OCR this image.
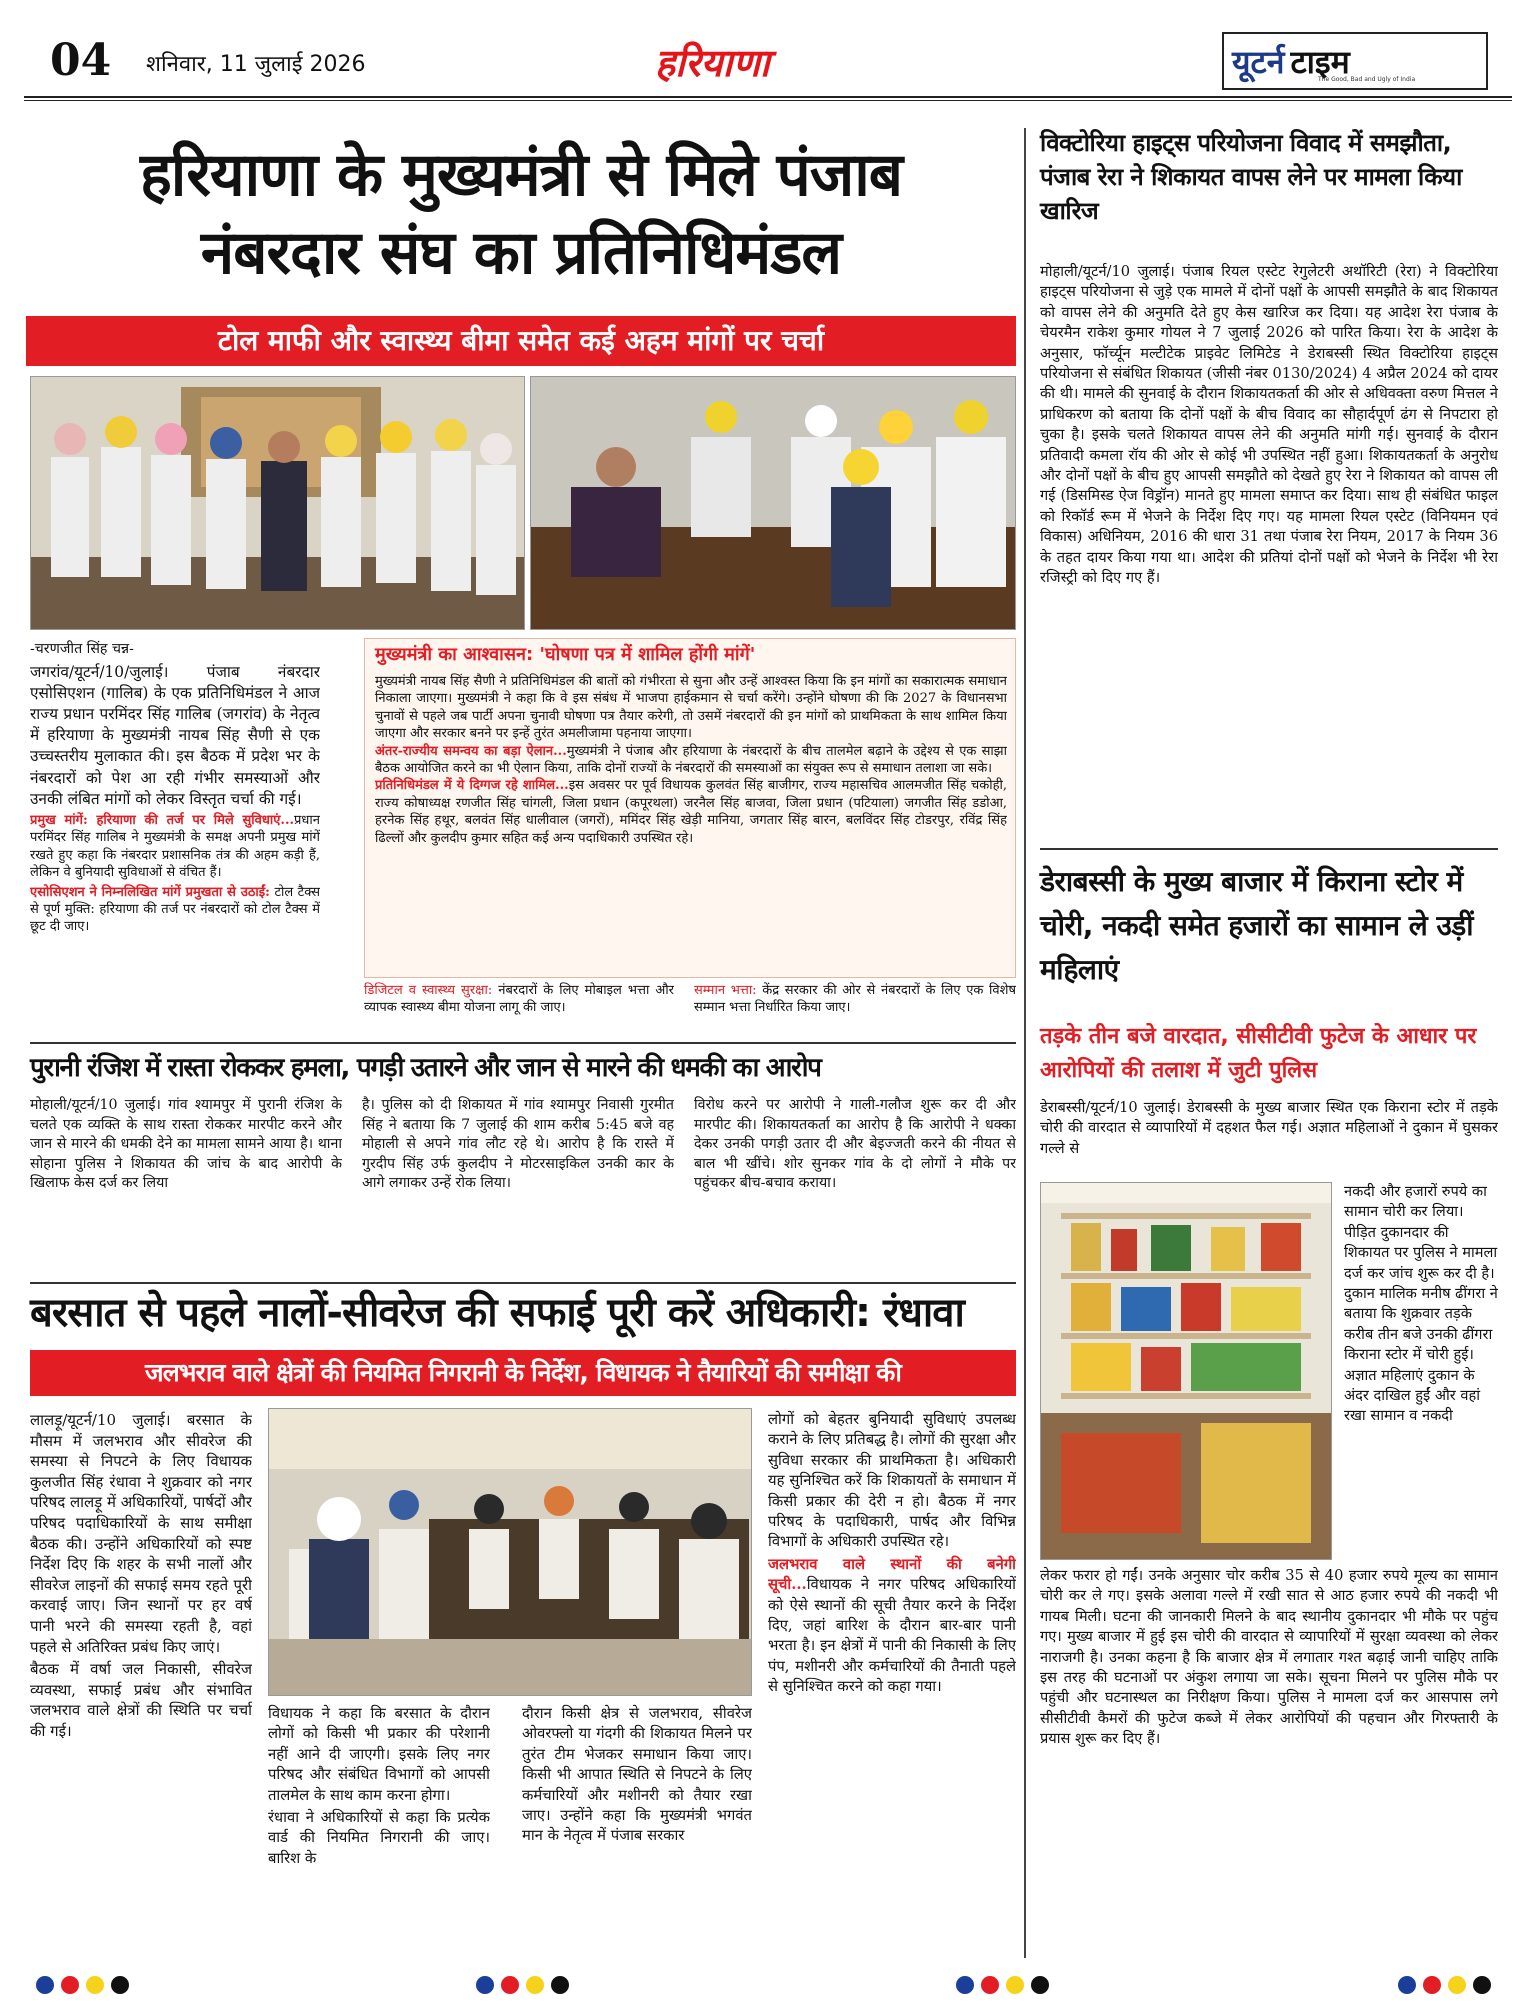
04 शनिवार, 11 जुलाई 2026	हरियाणा	यूटर्न टाइम
The Good, Bad and Ugly of India
हरियाणा के मुख्यमंत्री से मिले पंजाब
नंबरदार संघ का प्रतिनिधिमंडल
टोल माफी और स्वास्थ्य बीमा समेत कई अहम मांगों पर चर्चा

-चरणजीत सिंह चन्न-

जगरांव/यूटर्न/10/जुलाई। पंजाब नंबरदार एसोसिएशन (गालिब) के एक प्रतिनिधिमंडल ने आज राज्य प्रधान परमिंदर सिंह गालिब (जगरांव) के नेतृत्व में हरियाणा के मुख्यमंत्री नायब सिंह सैणी से एक उच्चस्तरीय मुलाकात की। इस बैठक में प्रदेश भर के नंबरदारों को पेश आ रही गंभीर समस्याओं और उनकी लंबित मांगों को लेकर विस्तृत चर्चा की गई।

प्रमुख मांगें: हरियाणा की तर्ज पर मिले सुविधाएं...प्रधान परमिंदर सिंह गालिब ने मुख्यमंत्री के समक्ष अपनी प्रमुख मांगें रखते हुए कहा कि नंबरदार प्रशासनिक तंत्र की अहम कड़ी हैं, लेकिन वे बुनियादी सुविधाओं से वंचित हैं।

एसोसिएशन ने निम्नलिखित मांगें प्रमुखता से उठाईं: टोल टैक्स से पूर्ण मुक्ति: हरियाणा की तर्ज पर नंबरदारों को टोल टैक्स में छूट दी जाए।

मुख्यमंत्री का आश्वासन: 'घोषणा पत्र में शामिल होंगी मांगें'

मुख्यमंत्री नायब सिंह सैणी ने प्रतिनिधिमंडल की बातों को गंभीरता से सुना और उन्हें आश्वस्त किया कि इन मांगों का सकारात्मक समाधान निकाला जाएगा। मुख्यमंत्री ने कहा कि वे इस संबंध में भाजपा हाईकमान से चर्चा करेंगे। उन्होंने घोषणा की कि 2027 के विधानसभा चुनावों से पहले जब पार्टी अपना चुनावी घोषणा पत्र तैयार करेगी, तो उसमें नंबरदारों की इन मांगों को प्राथमिकता के साथ शामिल किया जाएगा और सरकार बनने पर इन्हें तुरंत अमलीजामा पहनाया जाएगा।

अंतर-राज्यीय समन्वय का बड़ा ऐलान...मुख्यमंत्री ने पंजाब और हरियाणा के नंबरदारों के बीच तालमेल बढ़ाने के उद्देश्य से एक साझा बैठक आयोजित करने का भी ऐलान किया, ताकि दोनों राज्यों के नंबरदारों की समस्याओं का संयुक्त रूप से समाधान तलाशा जा सके।

प्रतिनिधिमंडल में ये दिग्गज रहे शामिल...इस अवसर पर पूर्व विधायक कुलवंत सिंह बाजीगर, राज्य महासचिव आलमजीत सिंह चकोही, राज्य कोषाध्यक्ष रणजीत सिंह चांगली, जिला प्रधान (कपूरथला) जरनैल सिंह बाजवा, जिला प्रधान (पटियाला) जगजीत सिंह डडोआ, हरनेक सिंह हथूर, बलवंत सिंह धालीवाल (जगरों), ममिंदर सिंह खेड़ी मानिया, जगतार सिंह बारन, बलविंदर सिंह टोडरपुर, रविंद्र सिंह ढिल्लों और कुलदीप कुमार सहित कई अन्य पदाधिकारी उपस्थित रहे।

डिजिटल व स्वास्थ्य सुरक्षा: नंबरदारों के लिए मोबाइल भत्ता और व्यापक स्वास्थ्य बीमा योजना लागू की जाए।
सम्मान भत्ता: केंद्र सरकार की ओर से नंबरदारों के लिए एक विशेष सम्मान भत्ता निर्धारित किया जाए।
पुरानी रंजिश में रास्ता रोककर हमला, पगड़ी उतारने और जान से मारने की धमकी का आरोप
मोहाली/यूटर्न/10 जुलाई। गांव श्यामपुर में पुरानी रंजिश के चलते एक व्यक्ति के साथ रास्ता रोककर मारपीट करने और जान से मारने की धमकी देने का मामला सामने आया है। थाना सोहाना पुलिस ने शिकायत की जांच के बाद आरोपी के खिलाफ केस दर्ज कर लिया
है। पुलिस को दी शिकायत में गांव श्यामपुर निवासी गुरमीत सिंह ने बताया कि 7 जुलाई की शाम करीब 5:45 बजे वह मोहाली से अपने गांव लौट रहे थे। आरोप है कि रास्ते में गुरदीप सिंह उर्फ कुलदीप ने मोटरसाइकिल उनकी कार के आगे लगाकर उन्हें रोक लिया।
विरोध करने पर आरोपी ने गाली-गलौज शुरू कर दी और मारपीट की। शिकायतकर्ता का आरोप है कि आरोपी ने धक्का देकर उनकी पगड़ी उतार दी और बेइज्जती करने की नीयत से बाल भी खींचे। शोर सुनकर गांव के दो लोगों ने मौके पर पहुंचकर बीच-बचाव कराया।
बरसात से पहले नालों-सीवरेज की सफाई पूरी करें अधिकारी: रंधावा
जलभराव वाले क्षेत्रों की नियमित निगरानी के निर्देश, विधायक ने तैयारियों की समीक्षा की

लालड़ू/यूटर्न/10 जुलाई। बरसात के मौसम में जलभराव और सीवरेज की समस्या से निपटने के लिए विधायक कुलजीत सिंह रंधावा ने शुक्रवार को नगर परिषद लालड़ू में अधिकारियों, पार्षदों और परिषद पदाधिकारियों के साथ समीक्षा बैठक की। उन्होंने अधिकारियों को स्पष्ट निर्देश दिए कि शहर के सभी नालों और सीवरेज लाइनों की सफाई समय रहते पूरी करवाई जाए। जिन स्थानों पर हर वर्ष पानी भरने की समस्या रहती है, वहां पहले से अतिरिक्त प्रबंध किए जाएं।

बैठक में वर्षा जल निकासी, सीवरेज व्यवस्था, सफाई प्रबंध और संभावित जलभराव वाले क्षेत्रों की स्थिति पर चर्चा की गई।

विधायक ने कहा कि बरसात के दौरान लोगों को किसी भी प्रकार की परेशानी नहीं आने दी जाएगी। इसके लिए नगर परिषद और संबंधित विभागों को आपसी तालमेल के साथ काम करना होगा।

रंधावा ने अधिकारियों से कहा कि प्रत्येक वार्ड की नियमित निगरानी की जाए। बारिश के

दौरान किसी क्षेत्र से जलभराव, सीवरेज ओवरफ्लो या गंदगी की शिकायत मिलने पर तुरंत टीम भेजकर समाधान किया जाए। किसी भी आपात स्थिति से निपटने के लिए कर्मचारियों और मशीनरी को तैयार रखा जाए। उन्होंने कहा कि मुख्यमंत्री भगवंत मान के नेतृत्व में पंजाब सरकार

लोगों को बेहतर बुनियादी सुविधाएं उपलब्ध कराने के लिए प्रतिबद्ध है। लोगों की सुरक्षा और सुविधा सरकार की प्राथमिकता है। अधिकारी यह सुनिश्चित करें कि शिकायतों के समाधान में किसी प्रकार की देरी न हो। बैठक में नगर परिषद के पदाधिकारी, पार्षद और विभिन्न विभागों के अधिकारी उपस्थित रहे।

जलभराव वाले स्थानों की बनेगी सूची...विधायक ने नगर परिषद अधिकारियों को ऐसे स्थानों की सूची तैयार करने के निर्देश दिए, जहां बारिश के दौरान बार-बार पानी भरता है। इन क्षेत्रों में पानी की निकासी के लिए पंप, मशीनरी और कर्मचारियों की तैनाती पहले से सुनिश्चित करने को कहा गया।

विक्टोरिया हाइट्स परियोजना विवाद में समझौता, पंजाब रेरा ने शिकायत वापस लेने पर मामला किया खारिज
मोहाली/यूटर्न/10 जुलाई। पंजाब रियल एस्टेट रेगुलेटरी अथॉरिटी (रेरा) ने विक्टोरिया हाइट्स परियोजना से जुड़े एक मामले में दोनों पक्षों के आपसी समझौते के बाद शिकायत को वापस लेने की अनुमति देते हुए केस खारिज कर दिया। यह आदेश रेरा पंजाब के चेयरमैन राकेश कुमार गोयल ने 7 जुलाई 2026 को पारित किया। रेरा के आदेश के अनुसार, फॉर्च्यून मल्टीटेक प्राइवेट लिमिटेड ने डेराबस्सी स्थित विक्टोरिया हाइट्स परियोजना से संबंधित शिकायत (जीसी नंबर 0130/2024) 4 अप्रैल 2024 को दायर की थी। मामले की सुनवाई के दौरान शिकायतकर्ता की ओर से अधिवक्ता वरुण मित्तल ने प्राधिकरण को बताया कि दोनों पक्षों के बीच विवाद का सौहार्दपूर्ण ढंग से निपटारा हो चुका है। इसके चलते शिकायत वापस लेने की अनुमति मांगी गई। सुनवाई के दौरान प्रतिवादी कमला रॉय की ओर से कोई भी उपस्थित नहीं हुआ। शिकायतकर्ता के अनुरोध और दोनों पक्षों के बीच हुए आपसी समझौते को देखते हुए रेरा ने शिकायत को वापस ली गई (डिसमिस्ड ऐज विड्रॉन) मानते हुए मामला समाप्त कर दिया। साथ ही संबंधित फाइल को रिकॉर्ड रूम में भेजने के निर्देश दिए गए। यह मामला रियल एस्टेट (विनियमन एवं विकास) अधिनियम, 2016 की धारा 31 तथा पंजाब रेरा नियम, 2017 के नियम 36 के तहत दायर किया गया था। आदेश की प्रतियां दोनों पक्षों को भेजने के निर्देश भी रेरा रजिस्ट्री को दिए गए हैं।
डेराबस्सी के मुख्य बाजार में किराना स्टोर में चोरी, नकदी समेत हजारों का सामान ले उड़ीं महिलाएं
तड़के तीन बजे वारदात, सीसीटीवी फुटेज के आधार पर आरोपियों की तलाश में जुटी पुलिस
डेराबस्सी/यूटर्न/10 जुलाई। डेराबस्सी के मुख्य बाजार स्थित एक किराना स्टोर में तड़के चोरी की वारदात से व्यापारियों में दहशत फैल गई। अज्ञात महिलाओं ने दुकान में घुसकर गल्ले से
नकदी और हजारों रुपये का सामान चोरी कर लिया। पीड़ित दुकानदार की शिकायत पर पुलिस ने मामला दर्ज कर जांच शुरू कर दी है। दुकान मालिक मनीष ढींगरा ने बताया कि शुक्रवार तड़के करीब तीन बजे उनकी ढींगरा किराना स्टोर में चोरी हुई। अज्ञात महिलाएं दुकान के अंदर दाखिल हुईं और वहां रखा सामान व नकदी
लेकर फरार हो गईं। उनके अनुसार चोर करीब 35 से 40 हजार रुपये मूल्य का सामान चोरी कर ले गए। इसके अलावा गल्ले में रखी सात से आठ हजार रुपये की नकदी भी गायब मिली। घटना की जानकारी मिलने के बाद स्थानीय दुकानदार भी मौके पर पहुंच गए। मुख्य बाजार में हुई इस चोरी की वारदात से व्यापारियों में सुरक्षा व्यवस्था को लेकर नाराजगी है। उनका कहना है कि बाजार क्षेत्र में लगातार गश्त बढ़ाई जानी चाहिए ताकि इस तरह की घटनाओं पर अंकुश लगाया जा सके। सूचना मिलने पर पुलिस मौके पर पहुंची और घटनास्थल का निरीक्षण किया। पुलिस ने मामला दर्ज कर आसपास लगे सीसीटीवी कैमरों की फुटेज कब्जे में लेकर आरोपियों की पहचान और गिरफ्तारी के प्रयास शुरू कर दिए हैं।
